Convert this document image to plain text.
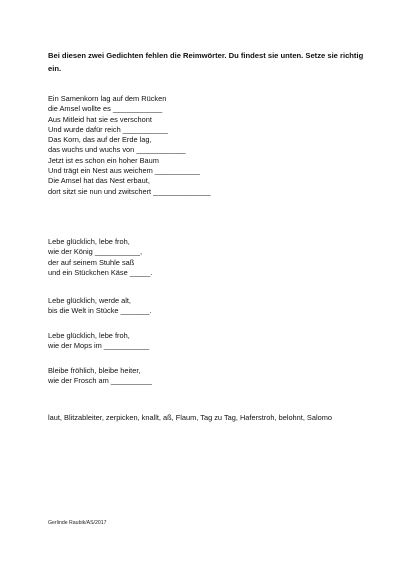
Bei diesen zwei Gedichten fehlen die Reimwörter. Du findest sie unten. Setze sie richtig ein.
Ein Samenkorn lag auf dem Rücken
die Amsel wollte es ____________
Aus Mitleid hat sie es verschont
Und wurde dafür reich ___________
Das Korn, das auf der Erde lag,
das wuchs und wuchs von ____________
Jetzt ist es schon ein hoher Baum
Und trägt ein Nest aus weichem ___________
Die Amsel hat das Nest erbaut,
dort sitzt sie nun und zwitschert ______________
Lebe glücklich, lebe froh,
wie der König ___________,
der auf seinem Stuhle saß
und ein Stückchen Käse _____.
Lebe glücklich, werde alt,
bis die Welt in Stücke _______.
Lebe glücklich, lebe froh,
wie der Mops im ___________
Bleibe fröhlich, bleibe heiter,
wie der Frosch am __________
laut, Blitzableiter, zerpicken, knallt, aß, Flaum, Tag zu Tag, Haferstroh, belohnt, Salomo
Gerlinde Raubik/AS/2017
